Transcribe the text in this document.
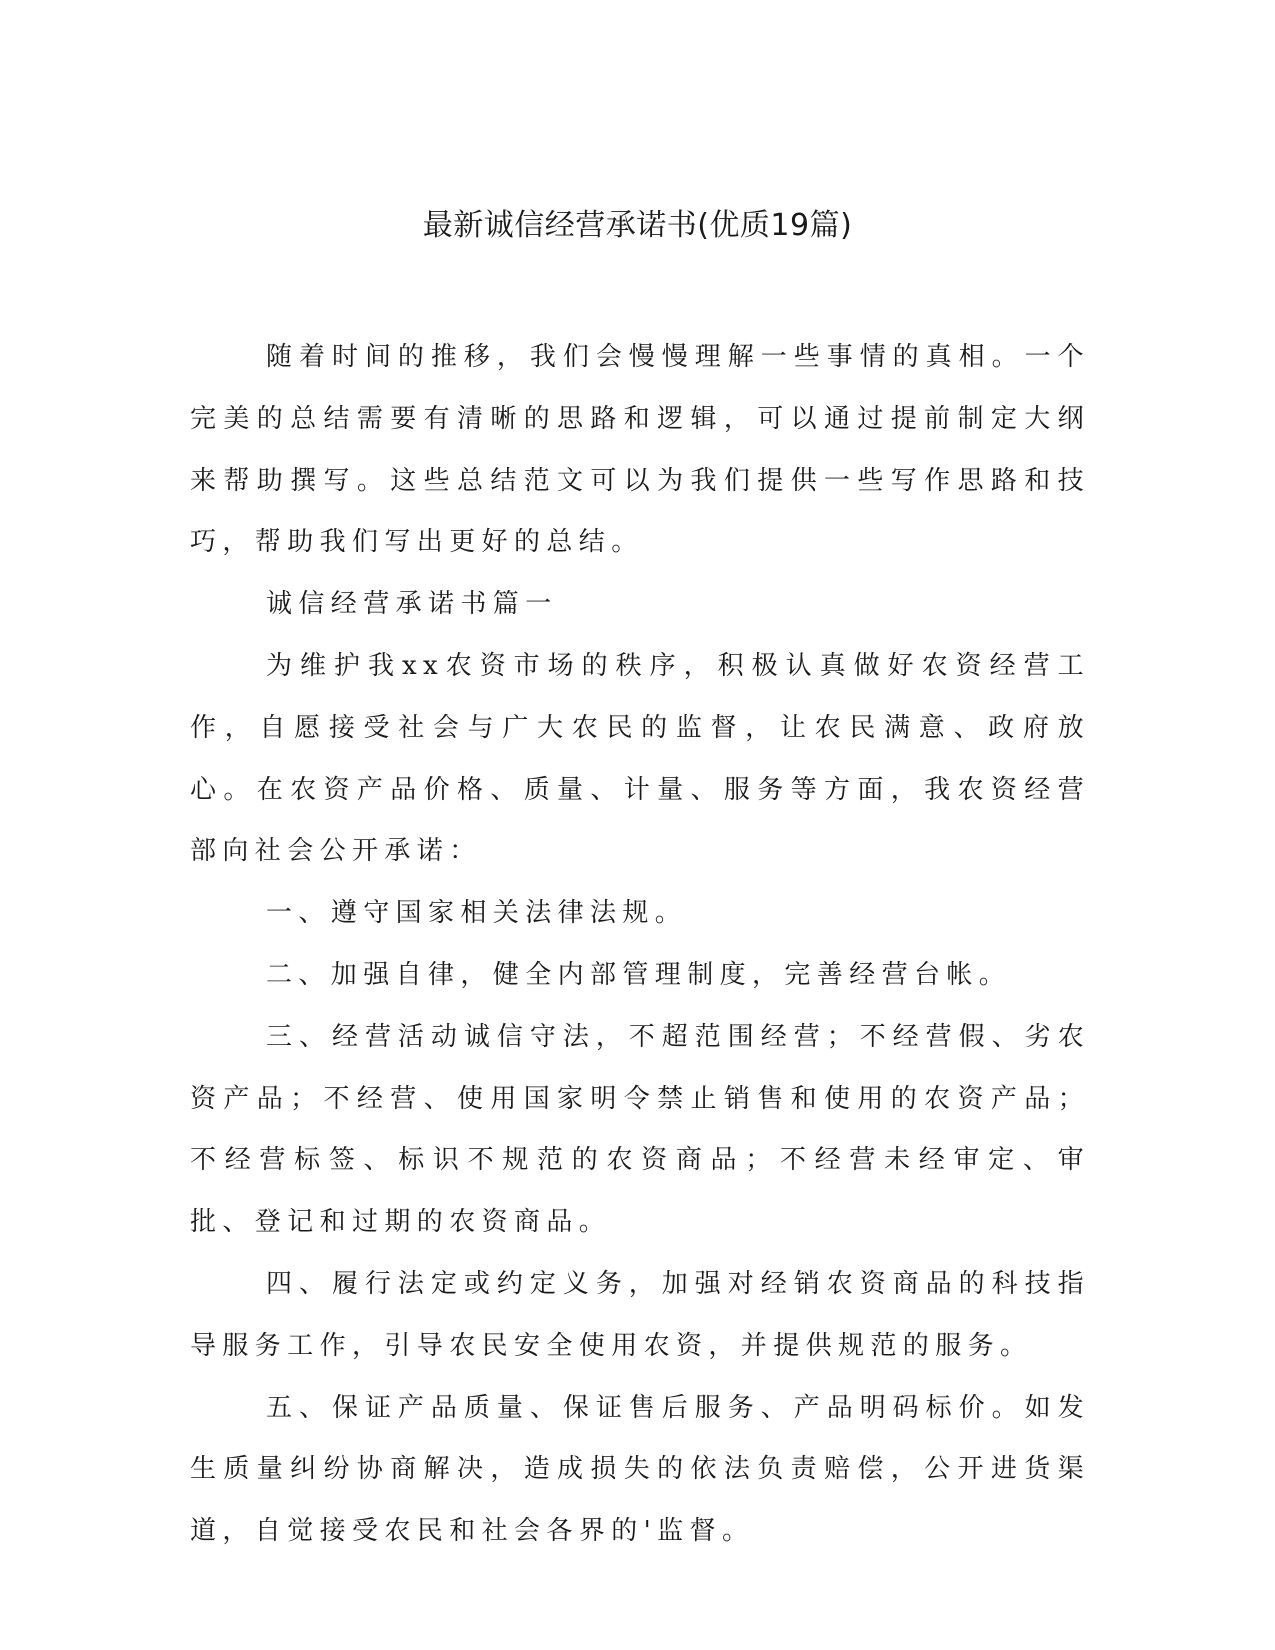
最新诚信经营承诺书(优质19篇)

随着时间的推移，我们会慢慢理解一些事情的真相。一个完美的总结需要有清晰的思路和逻辑，可以通过提前制定大纲来帮助撰写。这些总结范文可以为我们提供一些写作思路和技巧，帮助我们写出更好的总结。

诚信经营承诺书篇一

为维护我xx农资市场的秩序，积极认真做好农资经营工作，自愿接受社会与广大农民的监督，让农民满意、政府放心。在农资产品价格、质量、计量、服务等方面，我农资经营部向社会公开承诺：

一、遵守国家相关法律法规。

二、加强自律，健全内部管理制度，完善经营台帐。

三、经营活动诚信守法，不超范围经营；不经营假、劣农资产品；不经营、使用国家明令禁止销售和使用的农资产品；不经营标签、标识不规范的农资商品；不经营未经审定、审批、登记和过期的农资商品。

四、履行法定或约定义务，加强对经销农资商品的科技指导服务工作，引导农民安全使用农资，并提供规范的服务。

五、保证产品质量、保证售后服务、产品明码标价。如发生质量纠纷协商解决，造成损失的依法负责赔偿，公开进货渠道，自觉接受农民和社会各界的'监督。
